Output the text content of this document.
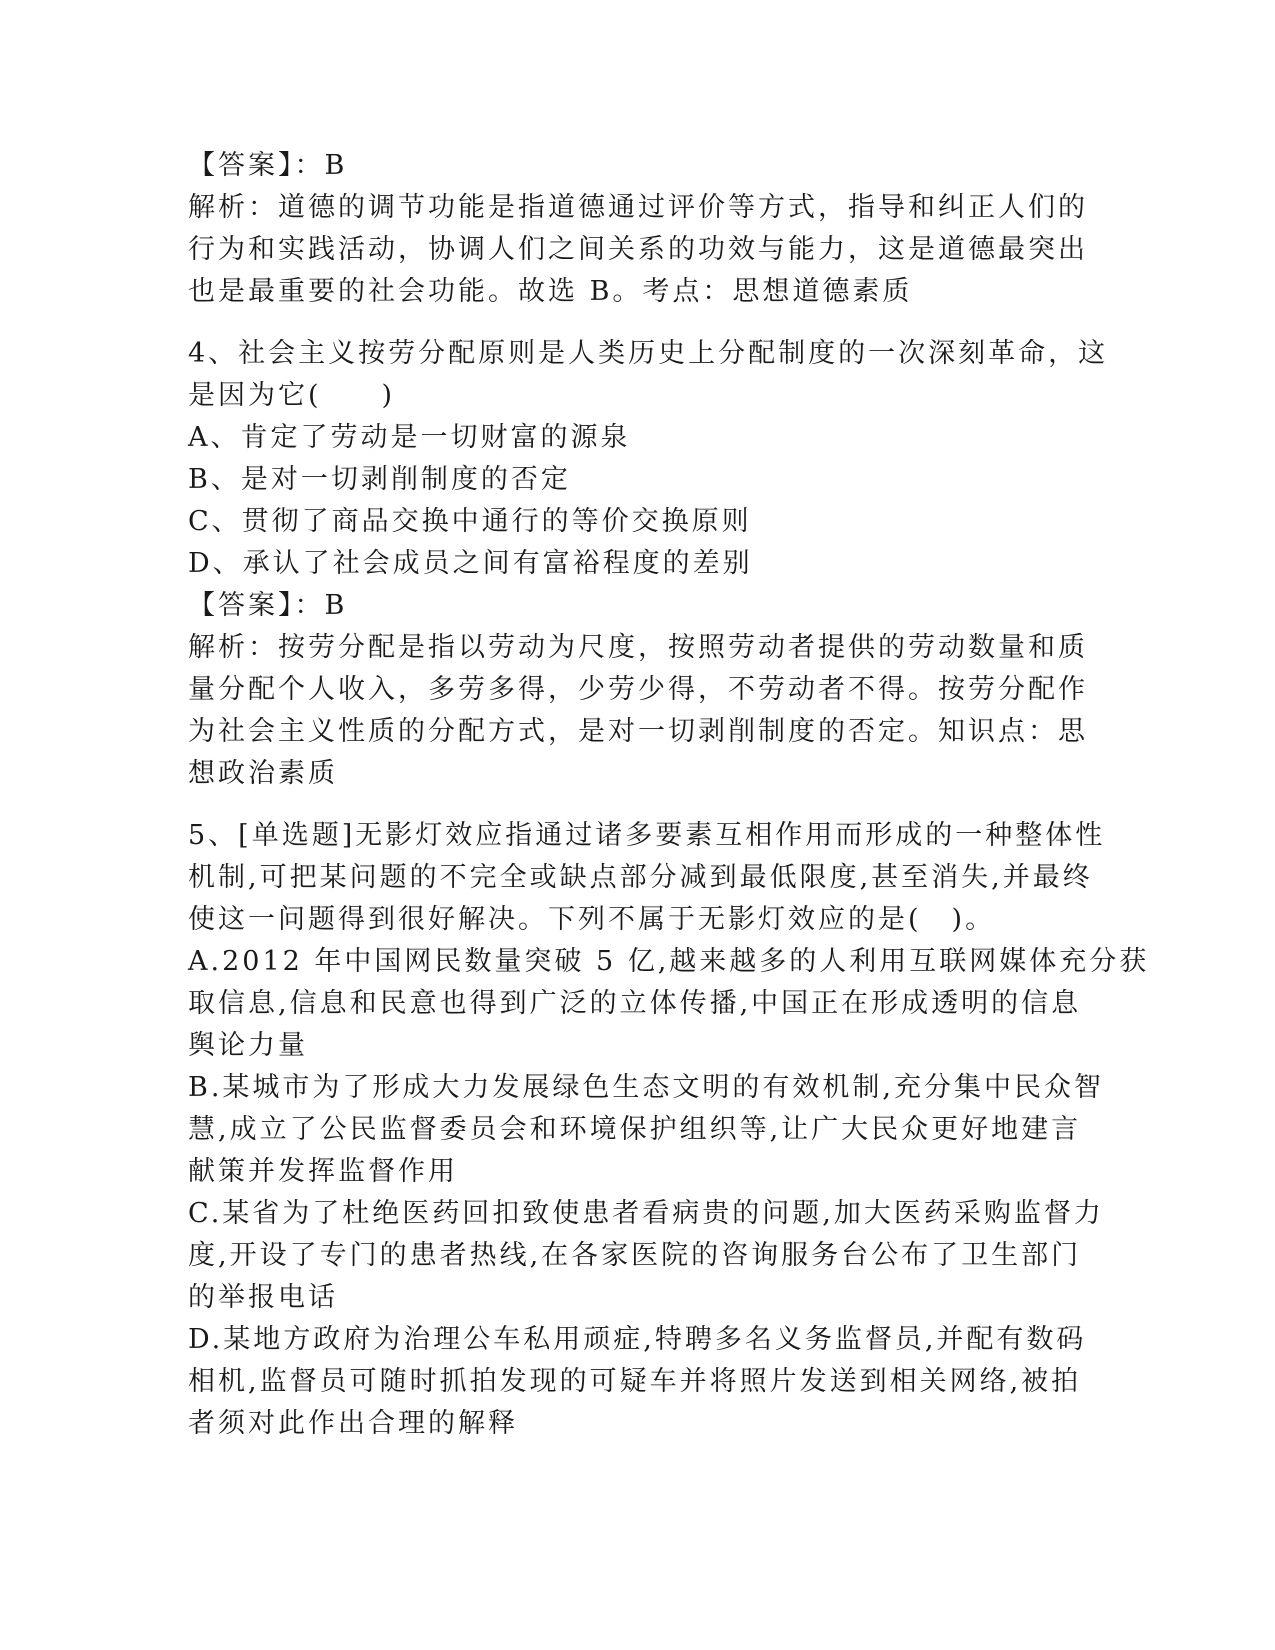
【答案】：B
解析：道德的调节功能是指道德通过评价等方式，指导和纠正人们的
行为和实践活动，协调人们之间关系的功效与能力，这是道德最突出
也是最重要的社会功能。故选 B。考点：思想道德素质
4、社会主义按劳分配原则是人类历史上分配制度的一次深刻革命，这
是因为它(　　)
A、肯定了劳动是一切财富的源泉
B、是对一切剥削制度的否定
C、贯彻了商品交换中通行的等价交换原则
D、承认了社会成员之间有富裕程度的差别
【答案】：B
解析：按劳分配是指以劳动为尺度，按照劳动者提供的劳动数量和质
量分配个人收入，多劳多得，少劳少得，不劳动者不得。按劳分配作
为社会主义性质的分配方式，是对一切剥削制度的否定。知识点：思
想政治素质
5、[单选题]无影灯效应指通过诸多要素互相作用而形成的一种整体性
机制,可把某问题的不完全或缺点部分减到最低限度,甚至消失,并最终
使这一问题得到很好解决。下列不属于无影灯效应的是(　)。
A.2012 年中国网民数量突破 5 亿,越来越多的人利用互联网媒体充分获
取信息,信息和民意也得到广泛的立体传播,中国正在形成透明的信息
舆论力量
B.某城市为了形成大力发展绿色生态文明的有效机制,充分集中民众智
慧,成立了公民监督委员会和环境保护组织等,让广大民众更好地建言
献策并发挥监督作用
C.某省为了杜绝医药回扣致使患者看病贵的问题,加大医药采购监督力
度,开设了专门的患者热线,在各家医院的咨询服务台公布了卫生部门
的举报电话
D.某地方政府为治理公车私用顽症,特聘多名义务监督员,并配有数码
相机,监督员可随时抓拍发现的可疑车并将照片发送到相关网络,被拍
者须对此作出合理的解释
